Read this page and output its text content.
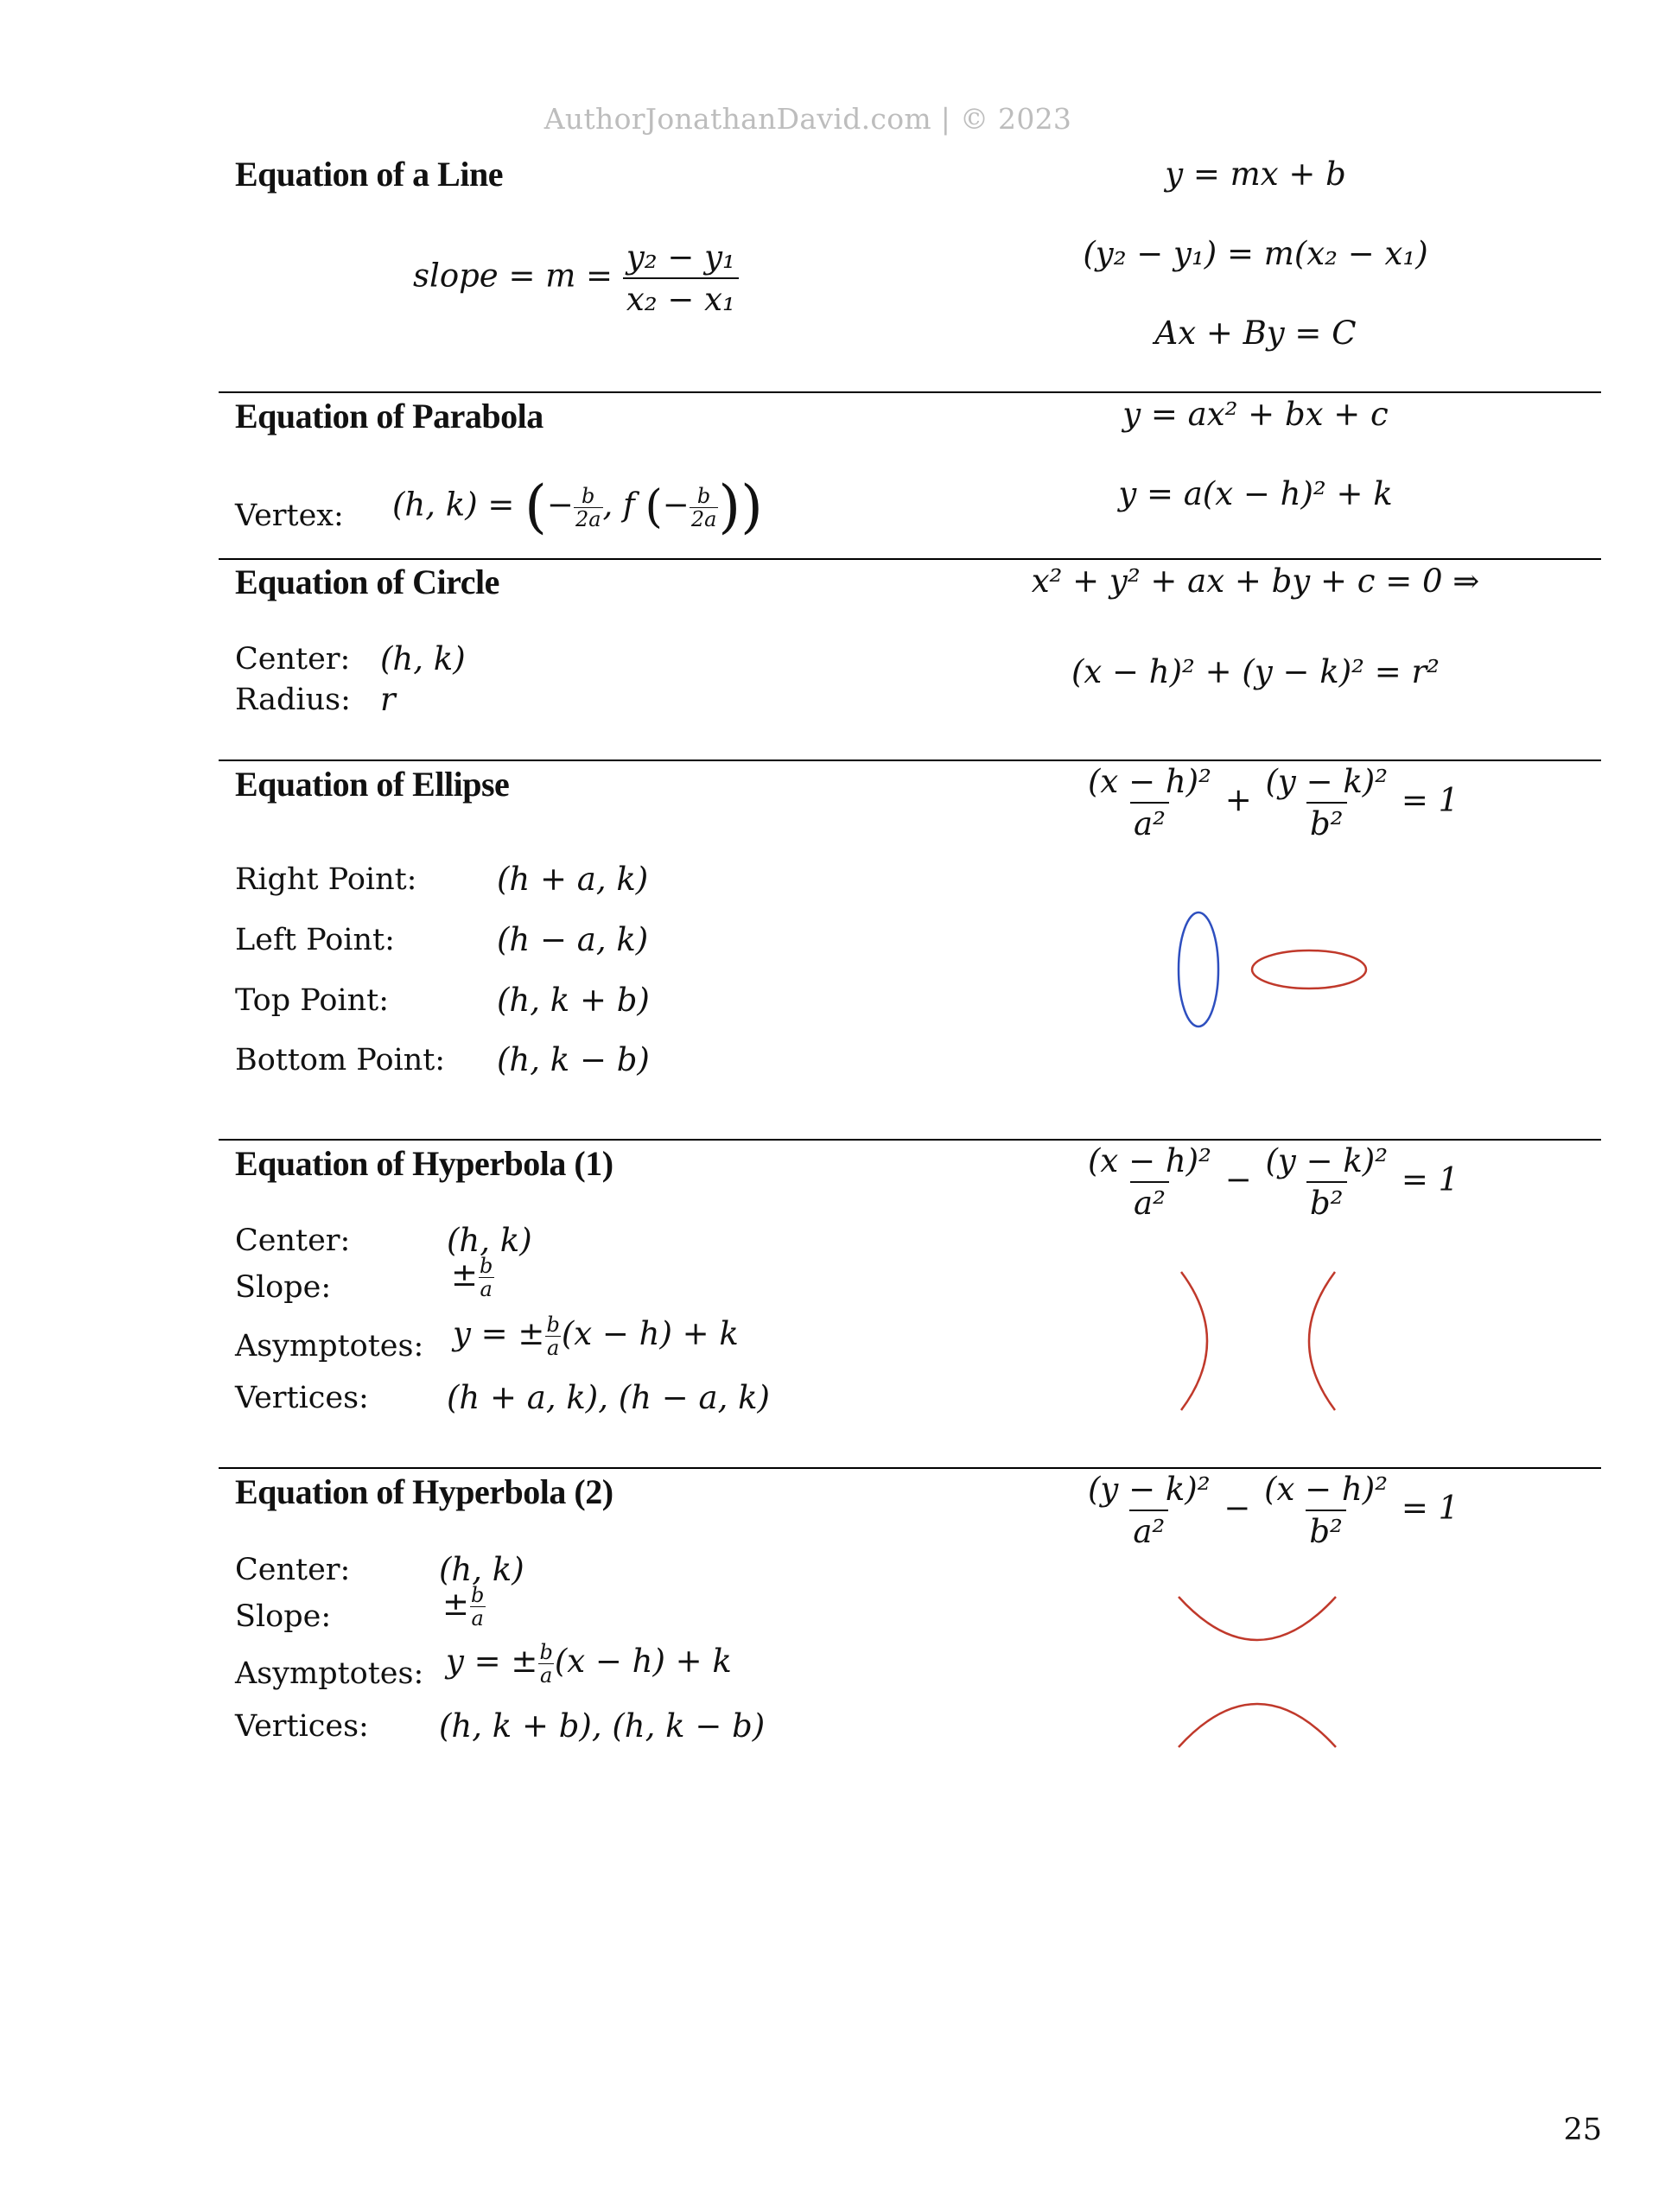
AuthorJonathanDavid.com | © 2023
Equation of a Line
slope = $m = \frac{\text{y₂ − y₁}}{\text{x₂ − x₁}}$
y = mx + b
(y₂ − y₁) = m(x₂ − x₁)
Ax + By = C
Equation of Parabola
Vertex: (h, k) = (− $\frac{b}{2a}$ , f (− $\frac{b}{2a}$ ))
y = ax² + bx + c
y = a(x − h)² + k
Equation of Circle
Center: (h, k)
Radius: r
x² + y² + ax + by + c = 0 ⇒
(x − h)² + (y − k)² = r²
Equation of Ellipse	$\frac{\text{(x − h)²}}{\text{a²}} + \frac{\text{(y − k)²}}{\text{b²}} = 1$
Right Point:	(h + a, k)
Left Point:	(h − a, k)
Top Point:	(h, k + b)
Bottom Point: (h, k − b)
Equation of Hyperbola (1)	$\frac{\text{(x − h)²}}{\text{a²}} - \frac{\text{(y − k)²}}{\text{b²}} = 1$
Center:	(h, k)
Slope:	± $\frac{b}{a}$
Asymptotes: y = ± $\frac{b}{a} (x - h) + k$
Vertices: (h + a, k), (h − a, k)
Equation of Hyperbola (2)	$\frac{\text{(y − k)²}}{\text{a²}} - \frac{\text{(x − h)²}}{\text{b²}} = 1$
Center:	(h, k)
Slope:	± $\frac{b}{a}$
Asymptotes: y = ± $\frac{b}{a} (x - h) + k$
Vertices: (h, k + b), (h, k − b)
25
